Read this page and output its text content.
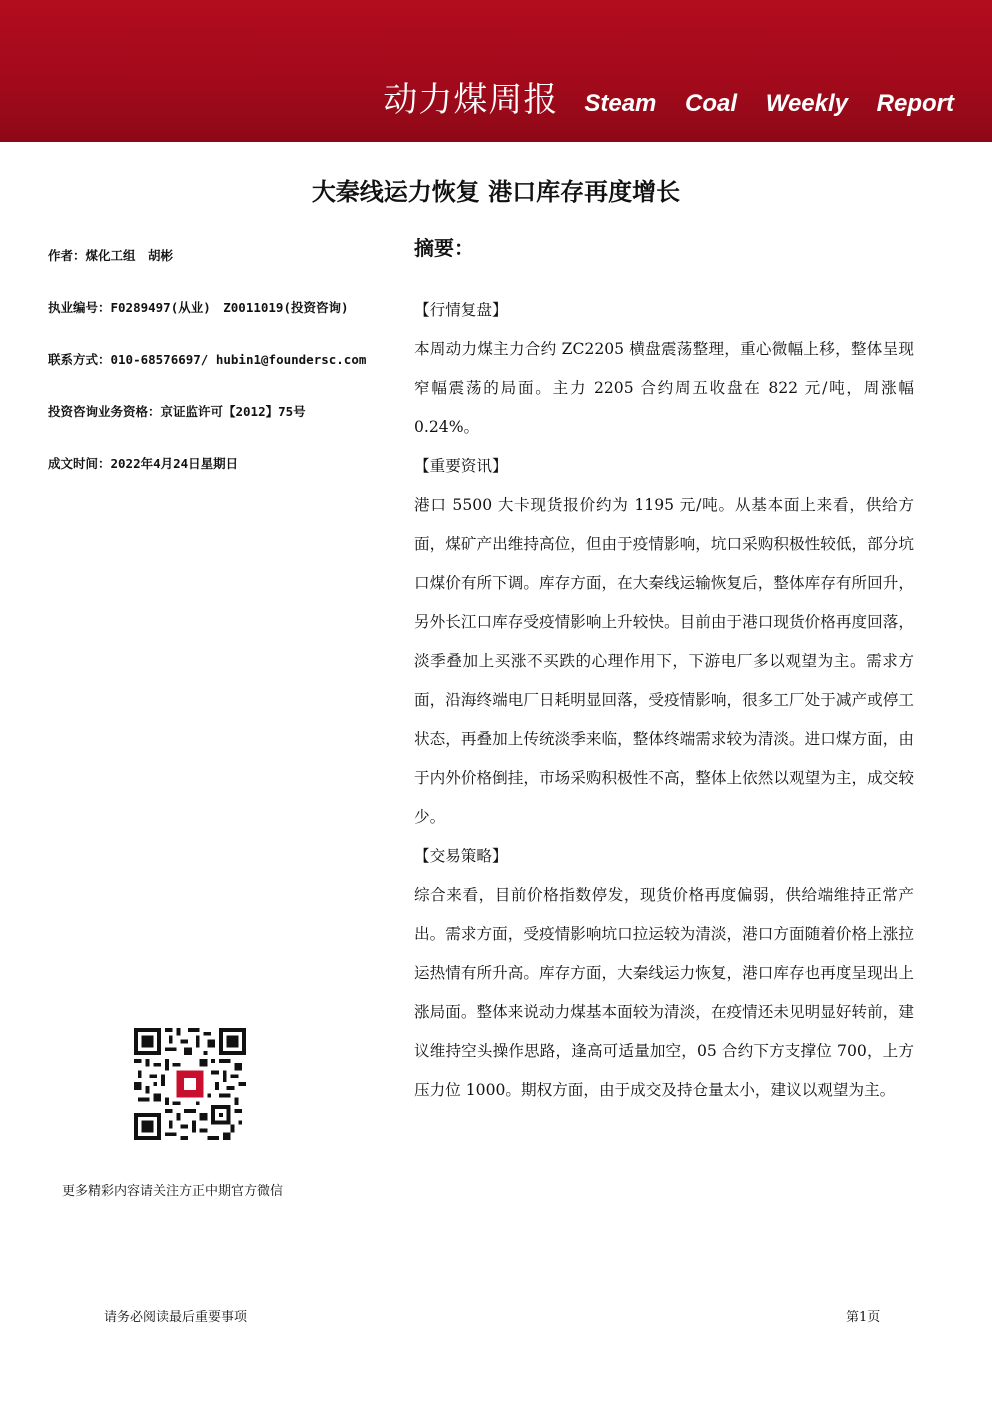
动力煤周报 Steam Coal Weekly Report
大秦线运力恢复 港口库存再度增长
作者：煤化工组　胡彬
执业编号：F0289497(从业)　Z0011019(投资咨询)
联系方式：010-68576697/ hubin1@foundersc.com
投资咨询业务资格：京证监许可【2012】75号
成文时间：2022年4月24日星期日
摘要：

【行情复盘】

本周动力煤主力合约 ZC2205 横盘震荡整理，重心微幅上移，整体呈现窄幅震荡的局面。主力 2205 合约周五收盘在 822 元/吨，周涨幅 0.24%。

【重要资讯】

港口 5500 大卡现货报价约为 1195 元/吨。从基本面上来看，供给方面，煤矿产出维持高位，但由于疫情影响，坑口采购积极性较低，部分坑口煤价有所下调。库存方面，在大秦线运输恢复后，整体库存有所回升，另外长江口库存受疫情影响上升较快。目前由于港口现货价格再度回落，淡季叠加上买涨不买跌的心理作用下，下游电厂多以观望为主。需求方面，沿海终端电厂日耗明显回落，受疫情影响，很多工厂处于减产或停工状态，再叠加上传统淡季来临，整体终端需求较为清淡。进口煤方面，由于内外价格倒挂，市场采购积极性不高，整体上依然以观望为主，成交较少。

【交易策略】

综合来看，目前价格指数停发，现货价格再度偏弱，供给端维持正常产出。需求方面，受疫情影响坑口拉运较为清淡，港口方面随着价格上涨拉运热情有所升高。库存方面，大秦线运力恢复，港口库存也再度呈现出上涨局面。整体来说动力煤基本面较为清淡，在疫情还未见明显好转前，建议维持空头操作思路，逢高可适量加空，05 合约下方支撑位 700，上方压力位 1000。期权方面，由于成交及持仓量太小，建议以观望为主。

更多精彩内容请关注方正中期官方微信
请务必阅读最后重要事项	第1页
